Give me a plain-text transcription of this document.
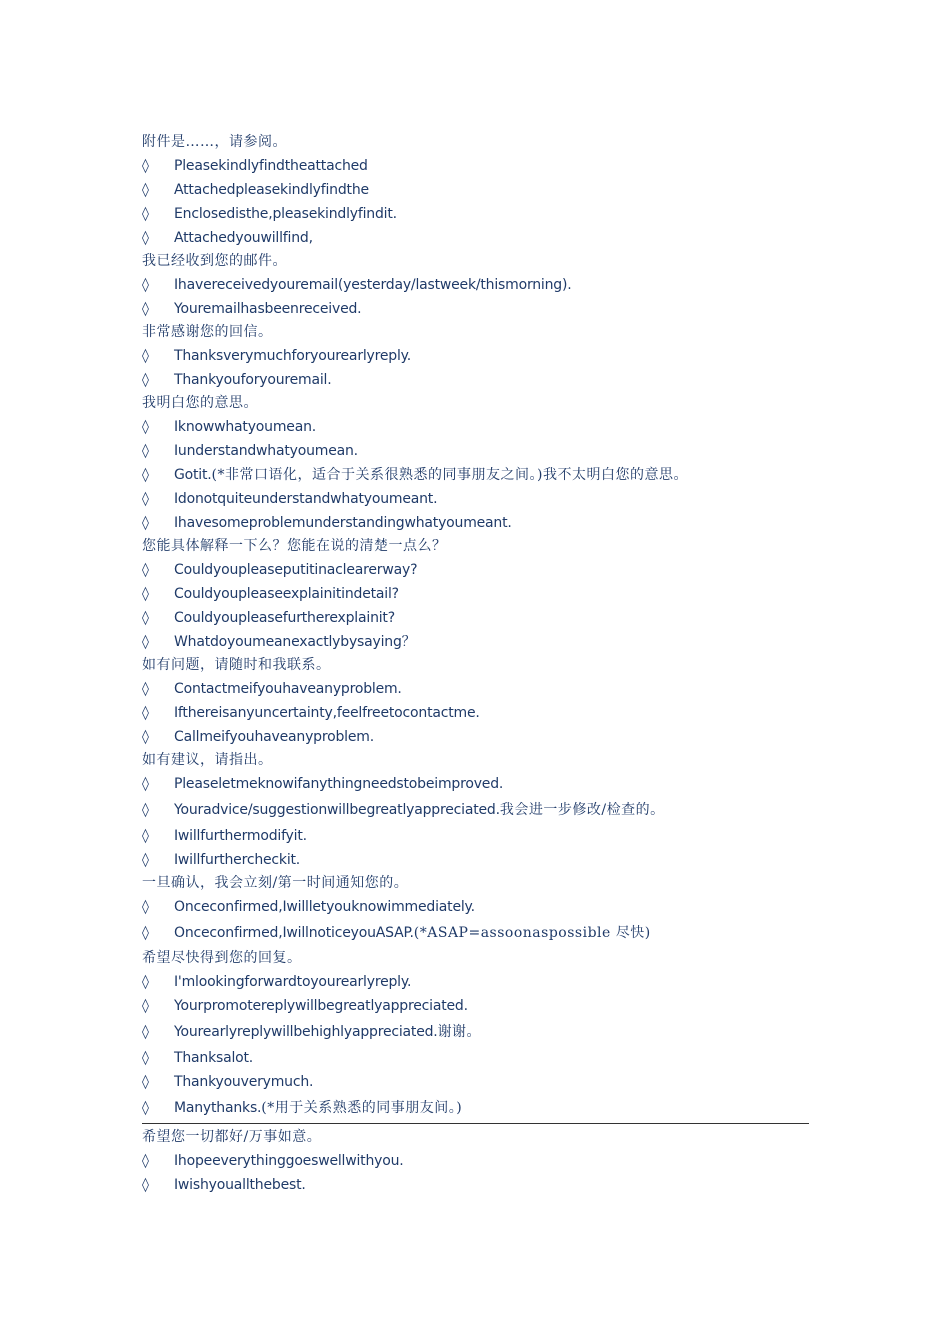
附件是……，请参阅。
◊	Pleasekindlyfindtheattached
◊	Attachedpleasekindlyfindthe
◊	Enclosedisthe,pleasekindlyfindit.
◊	Attachedyouwillfind,
我已经收到您的邮件。
◊	Ihavereceivedyouremail(yesterday/lastweek/thismorning).
◊	Youremailhasbeenreceived.
非常感谢您的回信。
◊	Thanksverymuchforyourearlyreply.
◊	Thankyouforyouremail.
我明白您的意思。
◊	Iknowwhatyoumean.
◊	Iunderstandwhatyoumean.
◊	Gotit.(*非常口语化，适合于关系很熟悉的同事朋友之间。)我不太明白您的意思。
◊	Idonotquiteunderstandwhatyoumeant.
◊	Ihavesomeproblemunderstandingwhatyoumeant.
您能具体解释一下么？您能在说的清楚一点么？
◊	Couldyoupleaseputitinaclearerway?
◊	Couldyoupleaseexplainitindetail?
◊	Couldyoupleasefurtherexplainit?
◊	Whatdoyoumeanexactlybysaying？
如有问题，请随时和我联系。
◊	Contactmeifyouhaveanyproblem.
◊	Ifthereisanyuncertainty,feelfreetocontactme.
◊	Callmeifyouhaveanyproblem.
如有建议，请指出。
◊	Pleaseletmeknowifanythingneedstobeimproved.
◊	Youradvice/suggestionwillbegreatlyappreciated.我会进一步修改/检查的。
◊	Iwillfurthermodifyit.
◊	Iwillfurthercheckit.
一旦确认，我会立刻/第一时间通知您的。
◊	Onceconfirmed,Iwillletyouknowimmediately.
◊	Onceconfirmed,IwillnoticeyouASAP.(*ASAP=assoonaspossible 尽快)
希望尽快得到您的回复。
◊	I'mlookingforwardtoyourearlyreply.
◊	Yourpromotereplywillbegreatlyappreciated.
◊	Yourearlyreplywillbehighlyappreciated.谢谢。
◊	Thanksalot.
◊	Thankyouverymuch.
◊	Manythanks.(*用于关系熟悉的同事朋友间。)
希望您一切都好/万事如意。
◊	Ihopeeverythinggoeswellwithyou.
◊	Iwishyouallthebest.
